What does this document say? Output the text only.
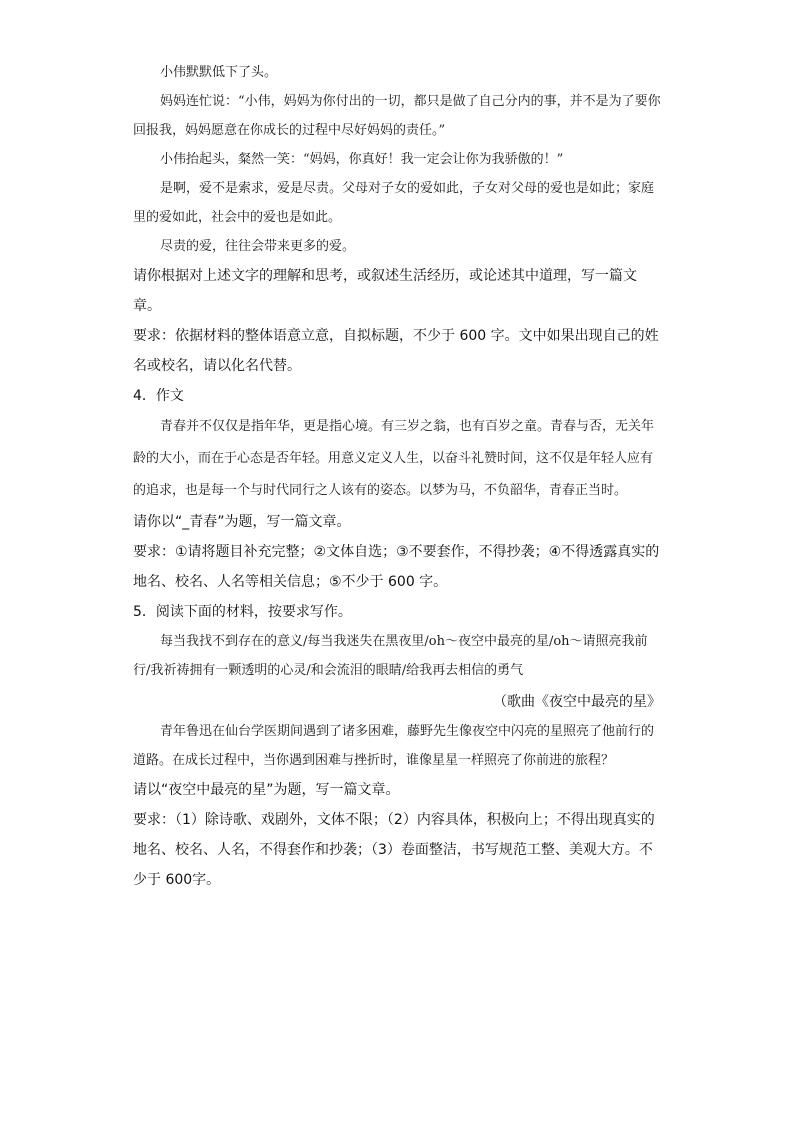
小伟默默低下了头。

妈妈连忙说：“小伟，妈妈为你付出的一切，都只是做了自己分内的事，并不是为了要你回报我，妈妈愿意在你成长的过程中尽好妈妈的责任。”

小伟抬起头，粲然一笑：“妈妈，你真好！我一定会让你为我骄傲的！”

是啊，爱不是索求，爱是尽责。父母对子女的爱如此，子女对父母的爱也是如此；家庭里的爱如此，社会中的爱也是如此。

尽责的爱，往往会带来更多的爱。

请你根据对上述文字的理解和思考，或叙述生活经历，或论述其中道理，写一篇文章。

要求：依据材料的整体语意立意，自拟标题，不少于 600 字。文中如果出现自己的姓名或校名，请以化名代替。

4．作文

青春并不仅仅是指年华，更是指心境。有三岁之翁，也有百岁之童。青春与否，无关年龄的大小，而在于心态是否年轻。用意义定义人生，以奋斗礼赞时间，这不仅是年轻人应有的追求，也是每一个与时代同行之人该有的姿态。以梦为马，不负韶华，青春正当时。

请你以“_青春”为题，写一篇文章。

要求：①请将题目补充完整；②文体自选；③不要套作，不得抄袭；④不得透露真实的地名、校名、人名等相关信息；⑤不少于 600 字。

5．阅读下面的材料，按要求写作。

每当我找不到存在的意义/每当我迷失在黑夜里/oh～夜空中最亮的星/oh～请照亮我前行/我祈祷拥有一颗透明的心灵/和会流泪的眼睛/给我再去相信的勇气

（歌曲《夜空中最亮的星》

青年鲁迅在仙台学医期间遇到了诸多困难，藤野先生像夜空中闪亮的星照亮了他前行的道路。在成长过程中，当你遇到困难与挫折时，谁像星星一样照亮了你前进的旅程？

请以“夜空中最亮的星”为题，写一篇文章。

要求：（1）除诗歌、戏剧外，文体不限；（2）内容具体，积极向上；不得出现真实的地名、校名、人名，不得套作和抄袭；（3）卷面整洁，书写规范工整、美观大方。不少于 600字。
